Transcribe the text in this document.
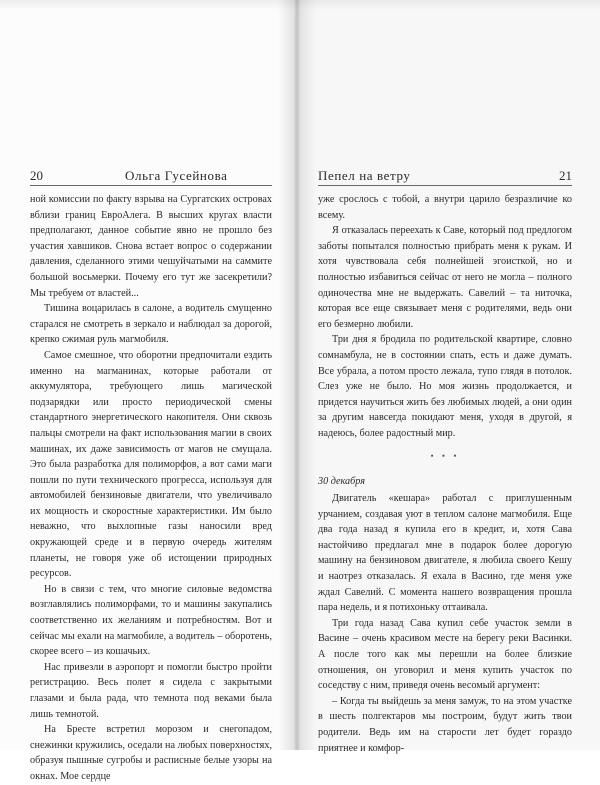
20	Ольга Гусейнова

ной комиссии по факту взрыва на Сургатских островах вблизи границ ЕвроАлега. В высших кругах власти предполагают, данное событие явно не прошло без участия хавшиков. Снова встает вопрос о содержании давления, сделанного этими чешуйчатыми на саммите большой восьмерки. Почему его тут же засекретили? Мы требуем от властей...

Тишина воцарилась в салоне, а водитель смущенно старался не смотреть в зеркало и наблюдал за дорогой, крепко сжимая руль магмобиля.

Самое смешное, что оборотни предпочитали ездить именно на магманинах, которые работали от аккумулятора, требующего лишь магической подзарядки или просто периодической смены стандартного энергетического накопителя. Они сквозь пальцы смотрели на факт использования магии в своих машинах, их даже зависимость от магов не смущала. Это была разработка для полиморфов, а вот сами маги пошли по пути технического прогресса, используя для автомобилей бензиновые двигатели, что увеличивало их мощность и скоростные характеристики. Им было неважно, что выхлопные газы наносили вред окружающей среде и в первую очередь жителям планеты, не говоря уже об истощении природных ресурсов.

Но в связи с тем, что многие силовые ведомства возглавлялись полиморфами, то и машины закупались соответственно их желаниям и потребностям. Вот и сейчас мы ехали на магмобиле, а водитель – оборотень, скорее всего – из кошачьих.

Нас привезли в аэропорт и помогли быстро пройти регистрацию. Весь полет я сидела с закрытыми глазами и была рада, что темнота под веками была лишь темнотой.

На Бресте встретил морозом и снегопадом, снежинки кружились, оседали на любых поверхностях, образуя пышные сугробы и расписные белые узоры на окнах. Мое сердце

Пепел на ветру	21

уже срослось с тобой, а внутри царило безразличие ко всему.

Я отказалась переехать к Саве, который под предлогом заботы попытался полностью прибрать меня к рукам. И хотя чувствовала себя полнейшей эгоисткой, но и полностью избавиться сейчас от него не могла – полного одиночества мне не выдержать. Савелий – та ниточка, которая все еще связывает меня с родителями, ведь они его безмерно любили.

Три дня я бродила по родительской квартире, словно сомнамбула, не в состоянии спать, есть и даже думать. Все убрала, а потом просто лежала, тупо глядя в потолок. Слез уже не было. Но моя жизнь продолжается, и придется научиться жить без любимых людей, а они один за другим навсегда покидают меня, уходя в другой, я надеюсь, более радостный мир.

• • •

30 декабря

Двигатель «кешара» работал с приглушенным урчанием, создавая уют в теплом салоне магмобиля. Еще два года назад я купила его в кредит, и, хотя Сава настойчиво предлагал мне в подарок более дорогую машину на бензиновом двигателе, я любила своего Кешу и наотрез отказалась. Я ехала в Васино, где меня уже ждал Савелий. С момента нашего возвращения прошла пара недель, и я потихоньку оттаивала.

Три года назад Сава купил себе участок земли в Васине – очень красивом месте на берегу реки Васинки. А после того как мы перешли на более близкие отношения, он уговорил и меня купить участок по соседству с ним, приведя очень весомый аргумент:

– Когда ты выйдешь за меня замуж, то на этом участке в шесть полгектаров мы построим, будут жить твои родители. Ведь им на старости лет будет гораздо приятнее и комфор-
